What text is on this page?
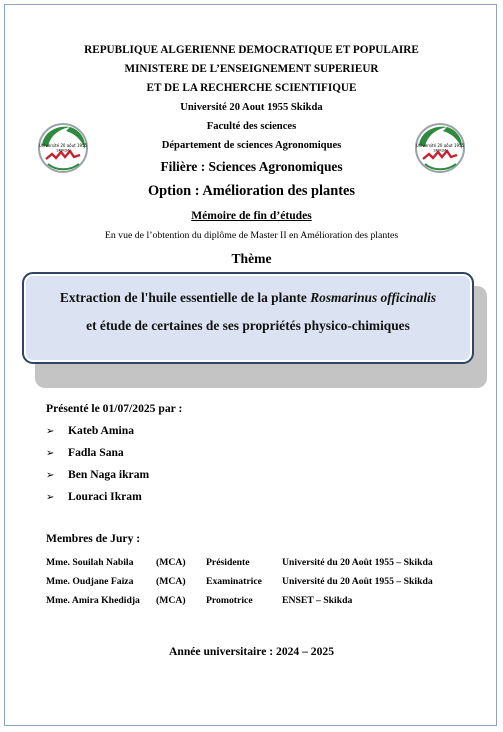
REPUBLIQUE ALGERIENNE DEMOCRATIQUE ET POPULAIRE
MINISTERE DE L’ENSEIGNEMENT SUPERIEUR
ET DE LA RECHERCHE SCIENTIFIQUE
Université 20 Aout 1955 Skikda
Faculté des sciences
Département de sciences Agronomiques
Filière : Sciences Agronomiques
Option : Amélioration des plantes
Mémoire de fin d’études
En vue de l’obtention du diplôme de Master II en Amélioration des plantes
Thème
Université 20 aôut 1955
SKIKDA
Université 20 aôut 1955
SKIKDA
Extraction de l'huile essentielle de la plante Rosmarinus officinalis
et étude de certaines de ses propriétés physico-chimiques
Présenté le 01/07/2025 par :
➢ Kateb Amina
➢ Fadla Sana
➢ Ben Naga ikram
➢ Louraci Ikram
Membres de Jury :
Mme. Souilah Nabila (MCA) Présidente	Université du 20 Août 1955 – Skikda
Mme. Oudjane Faiza (MCA) Examinatrice Université du 20 Août 1955 – Skikda
Mme. Amira Khedidja (MCA) Promotrice	ENSET – Skikda
Année universitaire : 2024 – 2025
